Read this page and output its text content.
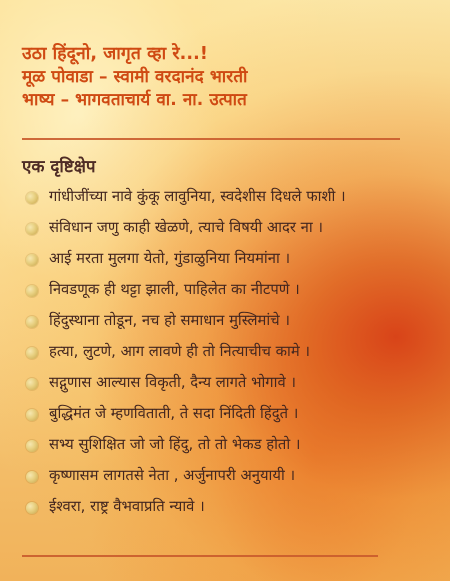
उठा हिंदूनो, जागृत व्हा रे...!

मूळ पोवाडा – स्वामी वरदानंद भारती

भाष्य – भागवताचार्य वा. ना. उत्पात

एक दृष्टिक्षेप
गांधीजींच्या नावे कुंकू लावुनिया, स्वदेशीस दिधले फाशी ।
संविधान जणु काही खेळणे, त्याचे विषयी आदर ना ।
आई मरता मुलगा येतो, गुंडाळुनिया नियमांना ।
निवडणूक ही थट्टा झाली, पाहिलेत का नीटपणे ।
हिंदुस्थाना तोडून, नच हो समाधान मुस्लिमांचे ।
हत्या, लुटणे, आग लावणे ही तो नित्याचीच कामे ।
सद्गुणास आल्यास विकृती, दैन्य लागते भोगावे ।
बुद्धिमंत जे म्हणविताती, ते सदा निंदिती हिंदुते ।
सभ्य सुशिक्षित जो जो हिंदु, तो तो भेकड होतो ।
कृष्णासम लागतसे नेता , अर्जुनापरी अनुयायी ।
ईश्वरा, राष्ट्र वैभवाप्रति न्यावे ।
